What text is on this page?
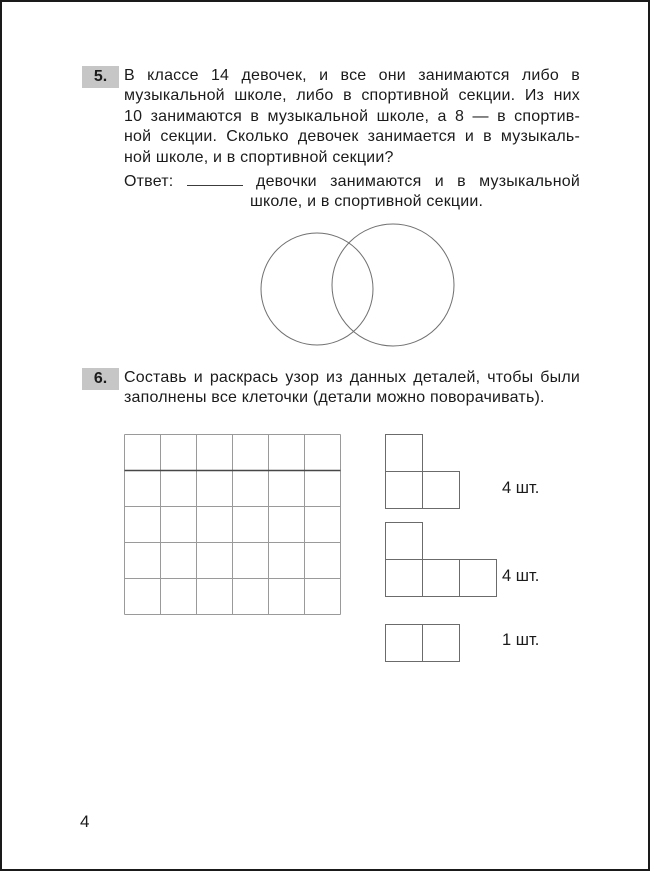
5.	В классе 14 девочек, и все они занимаются либо в
музыкальной школе, либо в спортивной секции. Из них
10 занимаются в музыкальной школе, а 8 — в спортив-
ной секции. Сколько девочек занимается и в музыкаль-
ной школе, и в спортивной секции?
Ответ:	девочки занимаются и в музыкальной
школе, и в спортивной секции.
6.	Составь и раскрась узор из данных деталей, чтобы были
заполнены все клеточки (детали можно поворачивать).
4 шт.
4 шт.
1 шт.
4
